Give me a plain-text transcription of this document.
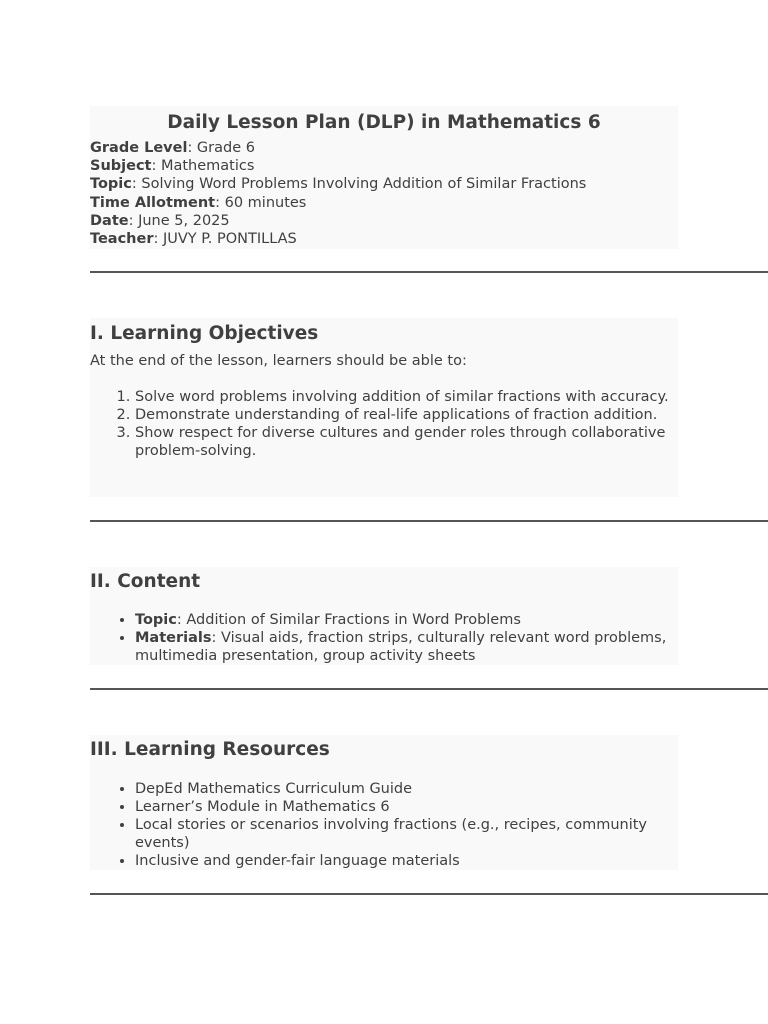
Daily Lesson Plan (DLP) in Mathematics 6
Grade Level: Grade 6
Subject: Mathematics
Topic: Solving Word Problems Involving Addition of Similar Fractions
Time Allotment: 60 minutes
Date: June 5, 2025
Teacher: JUVY P. PONTILLAS
I. Learning Objectives
At the end of the lesson, learners should be able to:
1. Solve word problems involving addition of similar fractions with accuracy.
2. Demonstrate understanding of real-life applications of fraction addition.
3. Show respect for diverse cultures and gender roles through collaborative problem-solving.
II. Content
• Topic: Addition of Similar Fractions in Word Problems
• Materials: Visual aids, fraction strips, culturally relevant word problems, multimedia presentation, group activity sheets
III. Learning Resources
• DepEd Mathematics Curriculum Guide
• Learner’s Module in Mathematics 6
• Local stories or scenarios involving fractions (e.g., recipes, community events)
• Inclusive and gender-fair language materials
